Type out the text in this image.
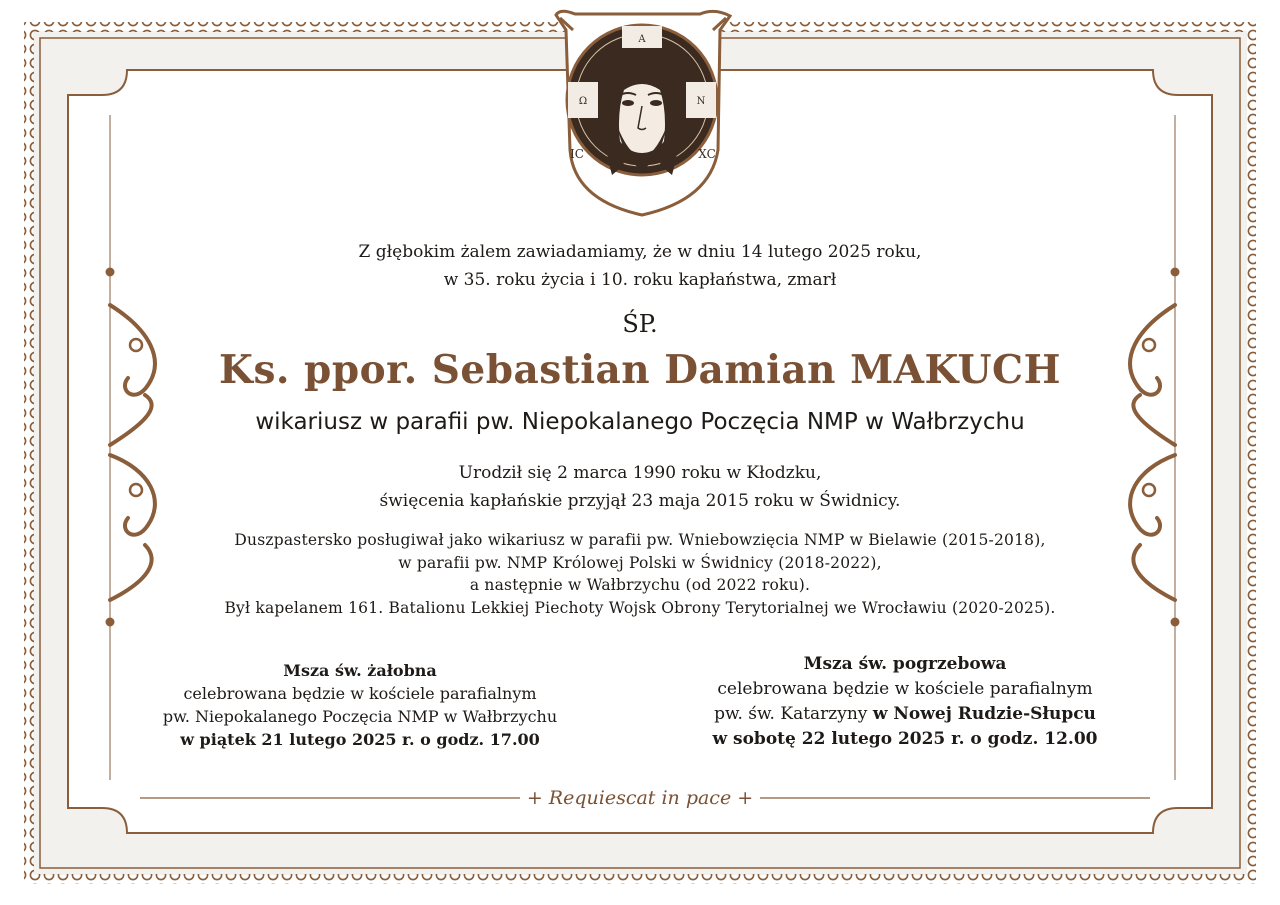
Α
Ω	Ν
IC	XC
Z głębokim żalem zawiadamiamy, że w dniu 14 lutego 2025 roku,
w 35. roku życia i 10. roku kapłaństwa, zmarł
ŚP.
Ks. ppor. Sebastian Damian MAKUCH
wikariusz w parafii pw. Niepokalanego Poczęcia NMP w Wałbrzychu
Urodził się 2 marca 1990 roku w Kłodzku,
święcenia kapłańskie przyjął 23 maja 2015 roku w Świdnicy.
Duszpastersko posługiwał jako wikariusz w parafii pw. Wniebowzięcia NMP w Bielawie (2015-2018),
w parafii pw. NMP Królowej Polski w Świdnicy (2018-2022),
a następnie w Wałbrzychu (od 2022 roku).
Był kapelanem 161. Batalionu Lekkiej Piechoty Wojsk Obrony Terytorialnej we Wrocławiu (2020-2025).
Msza św. żałobna
celebrowana będzie w kościele parafialnym
pw. Niepokalanego Poczęcia NMP w Wałbrzychu
w piątek 21 lutego 2025 r. o godz. 17.00
Msza św. pogrzebowa
celebrowana będzie w kościele parafialnym
pw. św. Katarzyny w Nowej Rudzie-Słupcu
w sobotę 22 lutego 2025 r. o godz. 12.00
+ Requiescat in pace +
